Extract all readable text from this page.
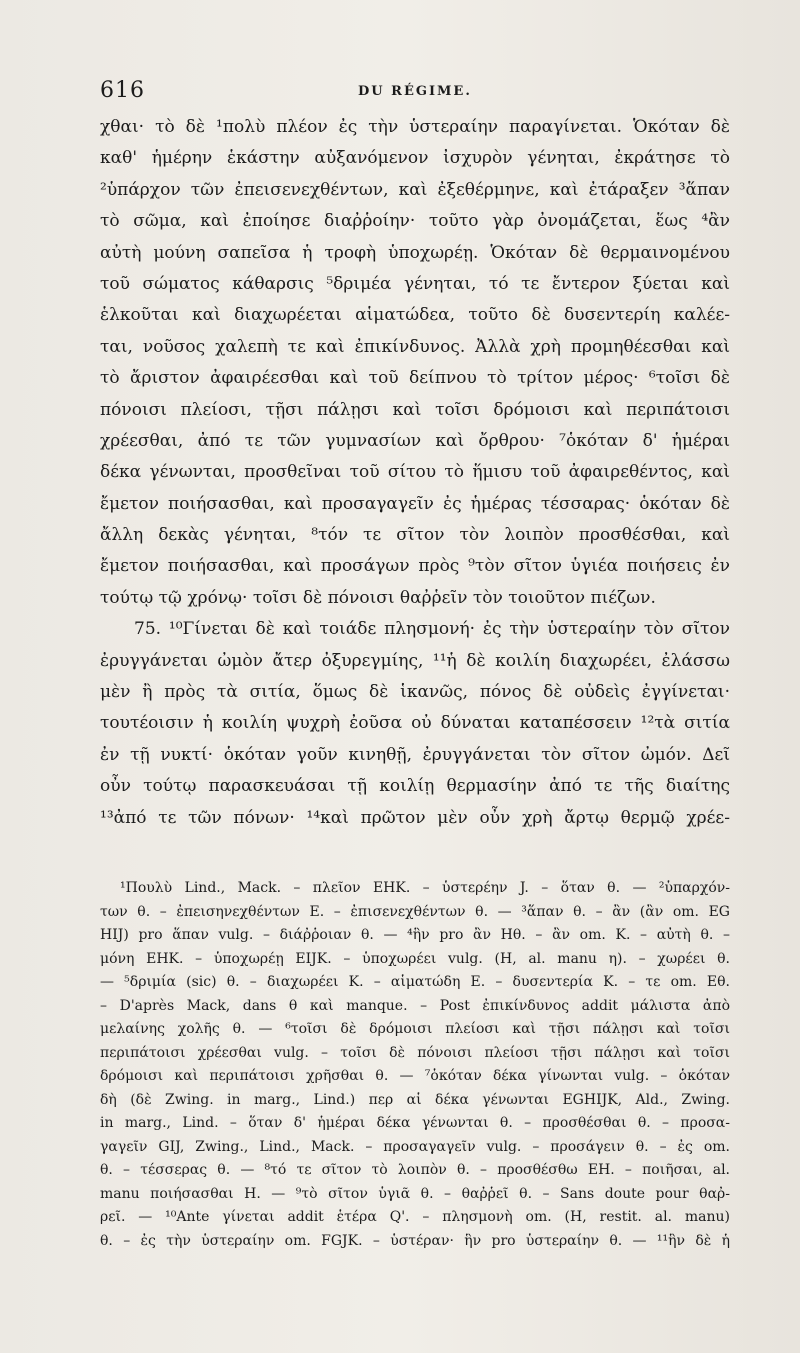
616	DU RÉGIME.
χθαι· τὸ δὲ ¹πολὺ πλέον ἐς τὴν ὑστεραίην παραγίνεται. Ὁκόταν δὲ
καθ' ἡμέρην ἑκάστην αὐξανόμενον ἰσχυρὸν γένηται, ἐκράτησε τὸ
²ὑπάρχον τῶν ἐπεισενεχθέντων, καὶ ἐξεθέρμηνε, καὶ ἐτάραξεν ³ἅπαν
τὸ σῶμα, καὶ ἐποίησε διαῤῥοίην· τοῦτο γὰρ ὀνομάζεται, ἕως ⁴ἂν
αὐτὴ μούνη σαπεῖσα ἡ τροφὴ ὑποχωρέῃ. Ὁκόταν δὲ θερμαινομένου
τοῦ σώματος κάθαρσις ⁵δριμέα γένηται, τό τε ἔντερον ξύεται καὶ
ἑλκοῦται καὶ διαχωρέεται αἱματώδεα, τοῦτο δὲ δυσεντερίη καλέε-
ται, νοῦσος χαλεπὴ τε καὶ ἐπικίνδυνος. Ἀλλὰ χρὴ προμηθέεσθαι καὶ
τὸ ἄριστον ἀφαιρέεσθαι καὶ τοῦ δείπνου τὸ τρίτον μέρος· ⁶τοῖσι δὲ
πόνοισι πλείοσι, τῇσι πάλῃσι καὶ τοῖσι δρόμοισι καὶ περιπάτοισι
χρέεσθαι, ἀπό τε τῶν γυμνασίων καὶ ὄρθρου· ⁷ὁκόταν δ' ἡμέραι
δέκα γένωνται, προσθεῖναι τοῦ σίτου τὸ ἥμισυ τοῦ ἀφαιρεθέντος, καὶ
ἔμετον ποιήσασθαι, καὶ προσαγαγεῖν ἐς ἡμέρας τέσσαρας· ὁκόταν δὲ
ἄλλη δεκὰς γένηται, ⁸τόν τε σῖτον τὸν λοιπὸν προσθέσθαι, καὶ
ἔμετον ποιήσασθαι, καὶ προσάγων πρὸς ⁹τὸν σῖτον ὑγιέα ποιήσεις ἐν
τούτῳ τῷ χρόνῳ· τοῖσι δὲ πόνοισι θαῤῥεῖν τὸν τοιοῦτον πιέζων.
75. ¹⁰Γίνεται δὲ καὶ τοιάδε πλησμονή· ἐς τὴν ὑστεραίην τὸν σῖτον
ἐρυγγάνεται ὠμὸν ἄτερ ὀξυρεγμίης, ¹¹ἡ δὲ κοιλίη διαχωρέει, ἐλάσσω
μὲν ἢ πρὸς τὰ σιτία, ὅμως δὲ ἱκανῶς, πόνος δὲ οὐδεὶς ἐγγίνεται·
τουτέοισιν ἡ κοιλίη ψυχρὴ ἐοῦσα οὐ δύναται καταπέσσειν ¹²τὰ σιτία
ἐν τῇ νυκτί· ὁκόταν γοῦν κινηθῇ, ἐρυγγάνεται τὸν σῖτον ὠμόν. Δεῖ
οὖν τούτῳ παρασκευάσαι τῇ κοιλίῃ θερμασίην ἀπό τε τῆς διαίτης
¹³ἀπό τε τῶν πόνων· ¹⁴καὶ πρῶτον μὲν οὖν χρὴ ἄρτῳ θερμῷ χρέε-
¹Πουλὺ Lind., Mack. – πλεῖον EHK. – ὑστερέην J. – ὅταν θ. — ²ὑπαρχόν-
των θ. – ἐπεισηνεχθέντων E. – ἐπισενεχθέντων θ. — ³ἅπαν θ. – ἂν (ἂν om. EG
HIJ) pro ἅπαν vulg. – διάῤῥοιαν θ. — ⁴ἣν pro ἂν Hθ. – ἂν om. K. – αὐτὴ θ. –
μόνη EHK. – ὑποχωρέῃ EIJK. – ὑποχωρέει vulg. (H, al. manu η). – χωρέει θ.
— ⁵δριμία (sic) θ. – διαχωρέει K. – αἱματώδη E. – δυσεντερία K. – τε om. Eθ.
– D'après Mack, dans θ καὶ manque. – Post ἐπικίνδυνος addit μάλιστα ἀπὸ
μελαίνης χολῆς θ. — ⁶τοῖσι δὲ δρόμοισι πλείοσι καὶ τῇσι πάλῃσι καὶ τοῖσι
περιπάτοισι χρέεσθαι vulg. – τοῖσι δὲ πόνοισι πλείοσι τῇσι πάλῃσι καὶ τοῖσι
δρόμοισι καὶ περιπάτοισι χρῆσθαι θ. — ⁷ὁκόταν δέκα γίνωνται vulg. – ὁκόταν
δὴ (δὲ Zwing. in marg., Lind.) περ αἱ δέκα γένωνται EGHIJK, Ald., Zwing.
in marg., Lind. – ὅταν δ' ἡμέραι δέκα γένωνται θ. – προσθέσθαι θ. – προσα-
γαγεῖν GIJ, Zwing., Lind., Mack. – προσαγαγεῖν vulg. – προσάγειν θ. – ἐς om.
θ. – τέσσερας θ. — ⁸τό τε σῖτον τὸ λοιπὸν θ. – προσθέσθω EH. – ποιῆσαι, al.
manu ποιήσασθαι H. — ⁹τὸ σῖτον ὑγιᾶ θ. – θαῤῥεῖ θ. – Sans doute pour θαῤ-
ρεῖ. — ¹⁰Ante γίνεται addit ἑτέρα Q'. – πλησμονὴ om. (H, restit. al. manu)
θ. – ἐς τὴν ὑστεραίην om. FGJK. – ὑστέραν· ἣν pro ὑστεραίην θ. — ¹¹ἣν δὲ ἡ
